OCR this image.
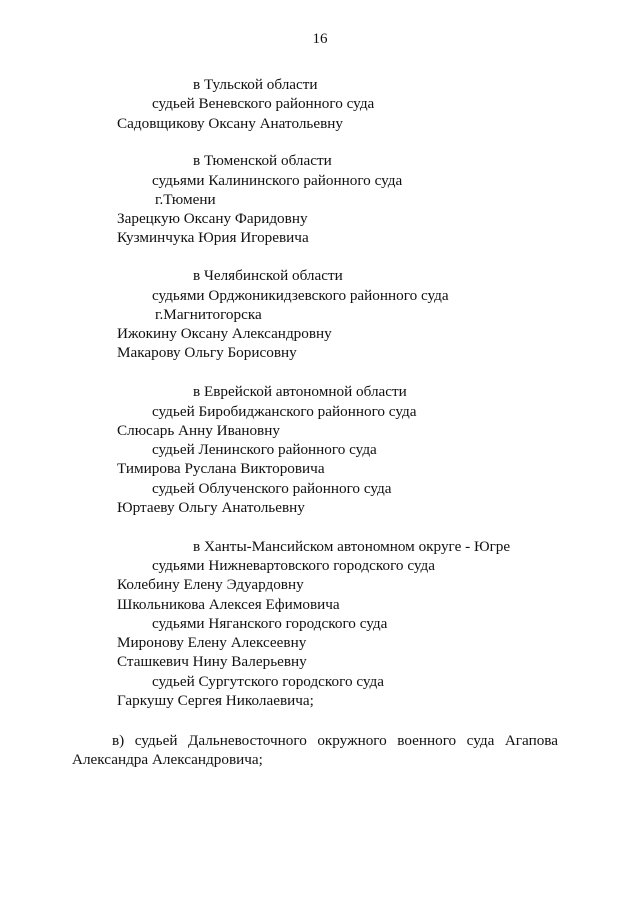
16
в Тульской области
судьей Веневского районного суда
Садовщикову Оксану Анатольевну
в Тюменской области
судьями Калининского районного суда
г.Тюмени
Зарецкую Оксану Фаридовну
Кузминчука Юрия Игоревича
в Челябинской области
судьями Орджоникидзевского районного суда
г.Магнитогорска
Ижокину Оксану Александровну
Макарову Ольгу Борисовну
в Еврейской автономной области
судьей Биробиджанского районного суда
Слюсарь Анну Ивановну
судьей Ленинского районного суда
Тимирова Руслана Викторовича
судьей Облученского районного суда
Юртаеву Ольгу Анатольевну
в Ханты-Мансийском автономном округе - Югре
судьями Нижневартовского городского суда
Колебину Елену Эдуардовну
Школьникова Алексея Ефимовича
судьями Няганского городского суда
Миронову Елену Алексеевну
Сташкевич Нину Валерьевну
судьей Сургутского городского суда
Гаркушу Сергея Николаевича;
в) судьей Дальневосточного окружного военного суда Агапова
Александра Александровича;
